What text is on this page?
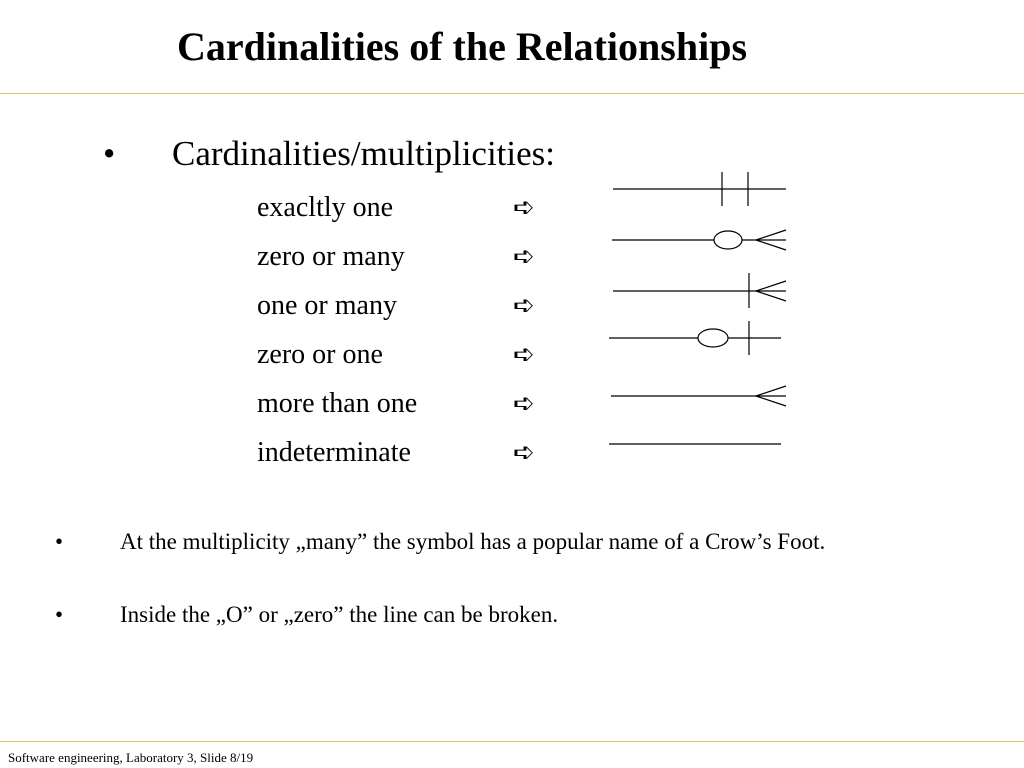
Cardinalities of the Relationships
• Cardinalities/multiplicities:
exacltly one	➪
zero or many	➪
one or many	➪
zero or one	➪
more than one	➪
indeterminate	➪
• At the multiplicity „many” the symbol has a popular name of a Crow’s Foot.
• Inside the „O” or „zero” the line can be broken.
Software engineering, Laboratory 3, Slide 8/19
